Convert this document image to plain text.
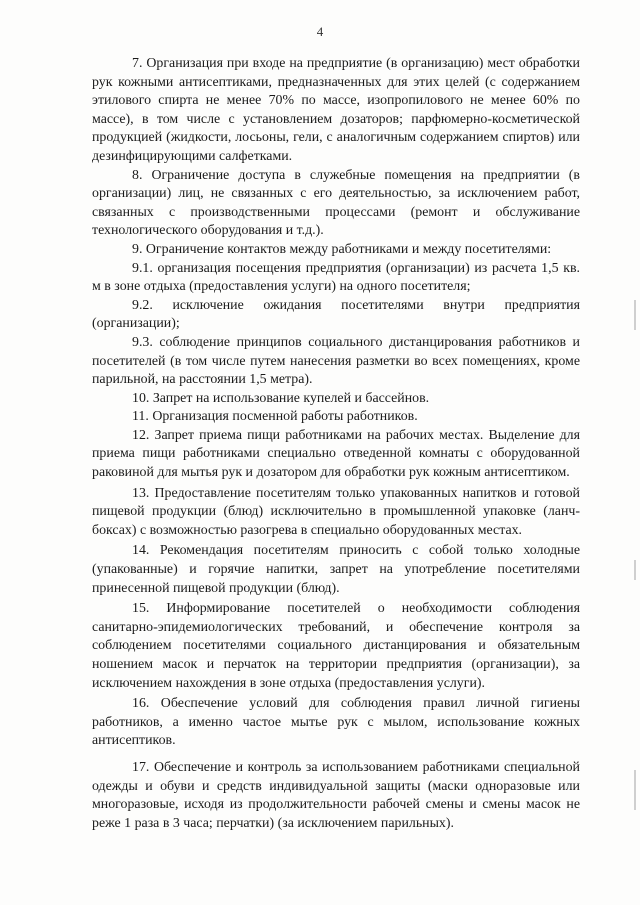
4

7. Организация при входе на предприятие (в организацию) мест обработки рук кожными антисептиками, предназначенных для этих целей (с содержанием этилового спирта не менее 70% по массе, изопропилового не менее 60% по массе), в том числе с установлением дозаторов; парфюмерно-косметической продукцией (жидкости, лосьоны, гели, с аналогичным содержанием спиртов) или дезинфицирующими салфетками.

8. Ограничение доступа в служебные помещения на предприятии (в организации) лиц, не связанных с его деятельностью, за исключением работ, связанных с производственными процессами (ремонт и обслуживание технологического оборудования и т.д.).

9. Ограничение контактов между работниками и между посетителями:

9.1. организация посещения предприятия (организации) из расчета 1,5 кв. м в зоне отдыха (предоставления услуги) на одного посетителя;

9.2. исключение ожидания посетителями внутри предприятия (организации);

9.3. соблюдение принципов социального дистанцирования работников и посетителей (в том числе путем нанесения разметки во всех помещениях, кроме парильной, на расстоянии 1,5 метра).

10. Запрет на использование купелей и бассейнов.

11. Организация посменной работы работников.

12. Запрет приема пищи работниками на рабочих местах. Выделение для приема пищи работниками специально отведенной комнаты с оборудованной раковиной для мытья рук и дозатором для обработки рук кожным антисептиком.

13. Предоставление посетителям только упакованных напитков и готовой пищевой продукции (блюд) исключительно в промышленной упаковке (ланч-боксах) с возможностью разогрева в специально оборудованных местах.

14. Рекомендация посетителям приносить с собой только холодные (упакованные) и горячие напитки, запрет на употребление посетителями принесенной пищевой продукции (блюд).

15. Информирование посетителей о необходимости соблюдения санитарно-эпидемиологических требований, и обеспечение контроля за соблюдением посетителями социального дистанцирования и обязательным ношением масок и перчаток на территории предприятия (организации), за исключением нахождения в зоне отдыха (предоставления услуги).

16. Обеспечение условий для соблюдения правил личной гигиены работников, а именно частое мытье рук с мылом, использование кожных антисептиков.

17. Обеспечение и контроль за использованием работниками специальной одежды и обуви и средств индивидуальной защиты (маски одноразовые или многоразовые, исходя из продолжительности рабочей смены и смены масок не реже 1 раза в 3 часа; перчатки) (за исключением парильных).
